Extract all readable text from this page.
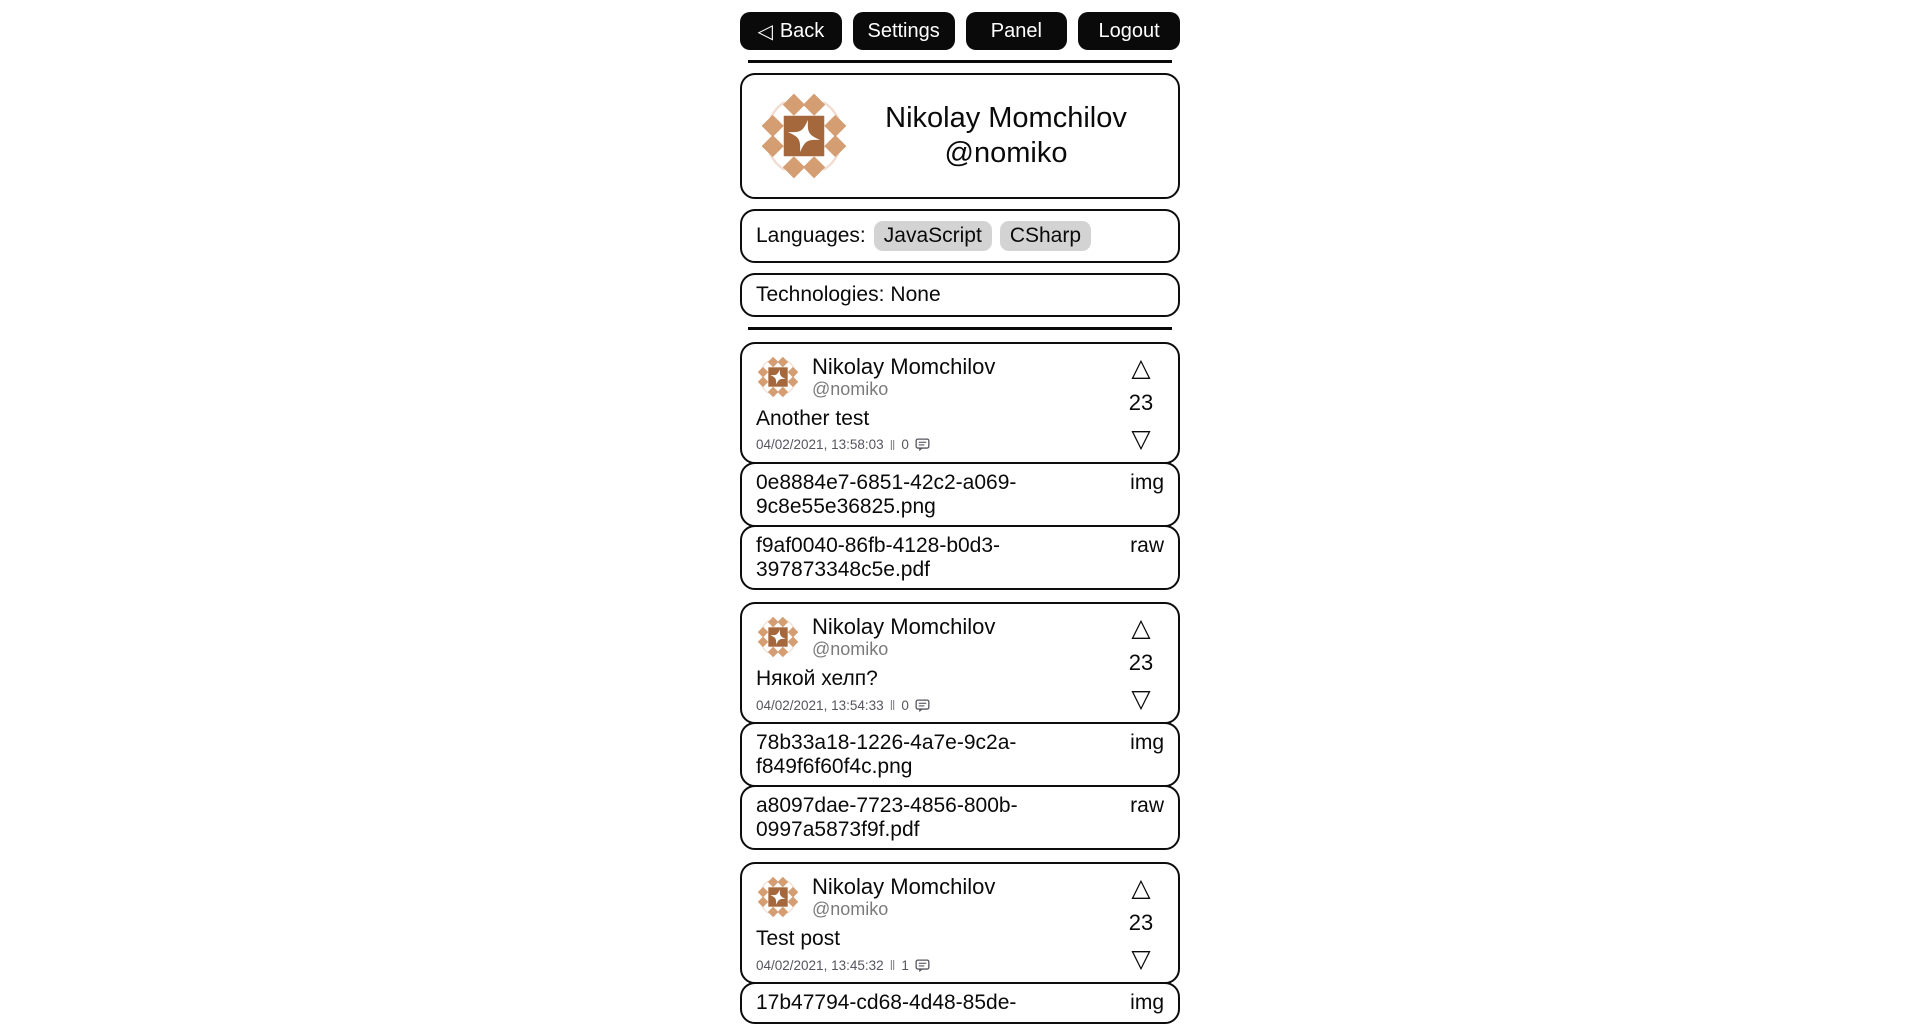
◁ Back Settings	Panel	Logout
Nikolay Momchilov
@nomiko
Languages: JavaScript	CSharp
Technologies: None
Nikolay Momchilov
@nomiko
Another test
04/02/2021, 13:58:03 ‖ 0
△
23
▽
0e8884e7-6851-42c2-a069-9c8e55e36825.png
img
f9af0040-86fb-4128-b0d3-397873348c5e.pdf
raw
Nikolay Momchilov
@nomiko
Някой хелп?
04/02/2021, 13:54:33 ‖ 0
△
23
▽
78b33a18-1226-4a7e-9c2a-f849f6f60f4c.png
img
a8097dae-7723-4856-800b-0997a5873f9f.pdf
raw
Nikolay Momchilov
@nomiko
Test post
04/02/2021, 13:45:32 ‖ 1
△
23
▽
17b47794-cd68-4d48-85de-	img
